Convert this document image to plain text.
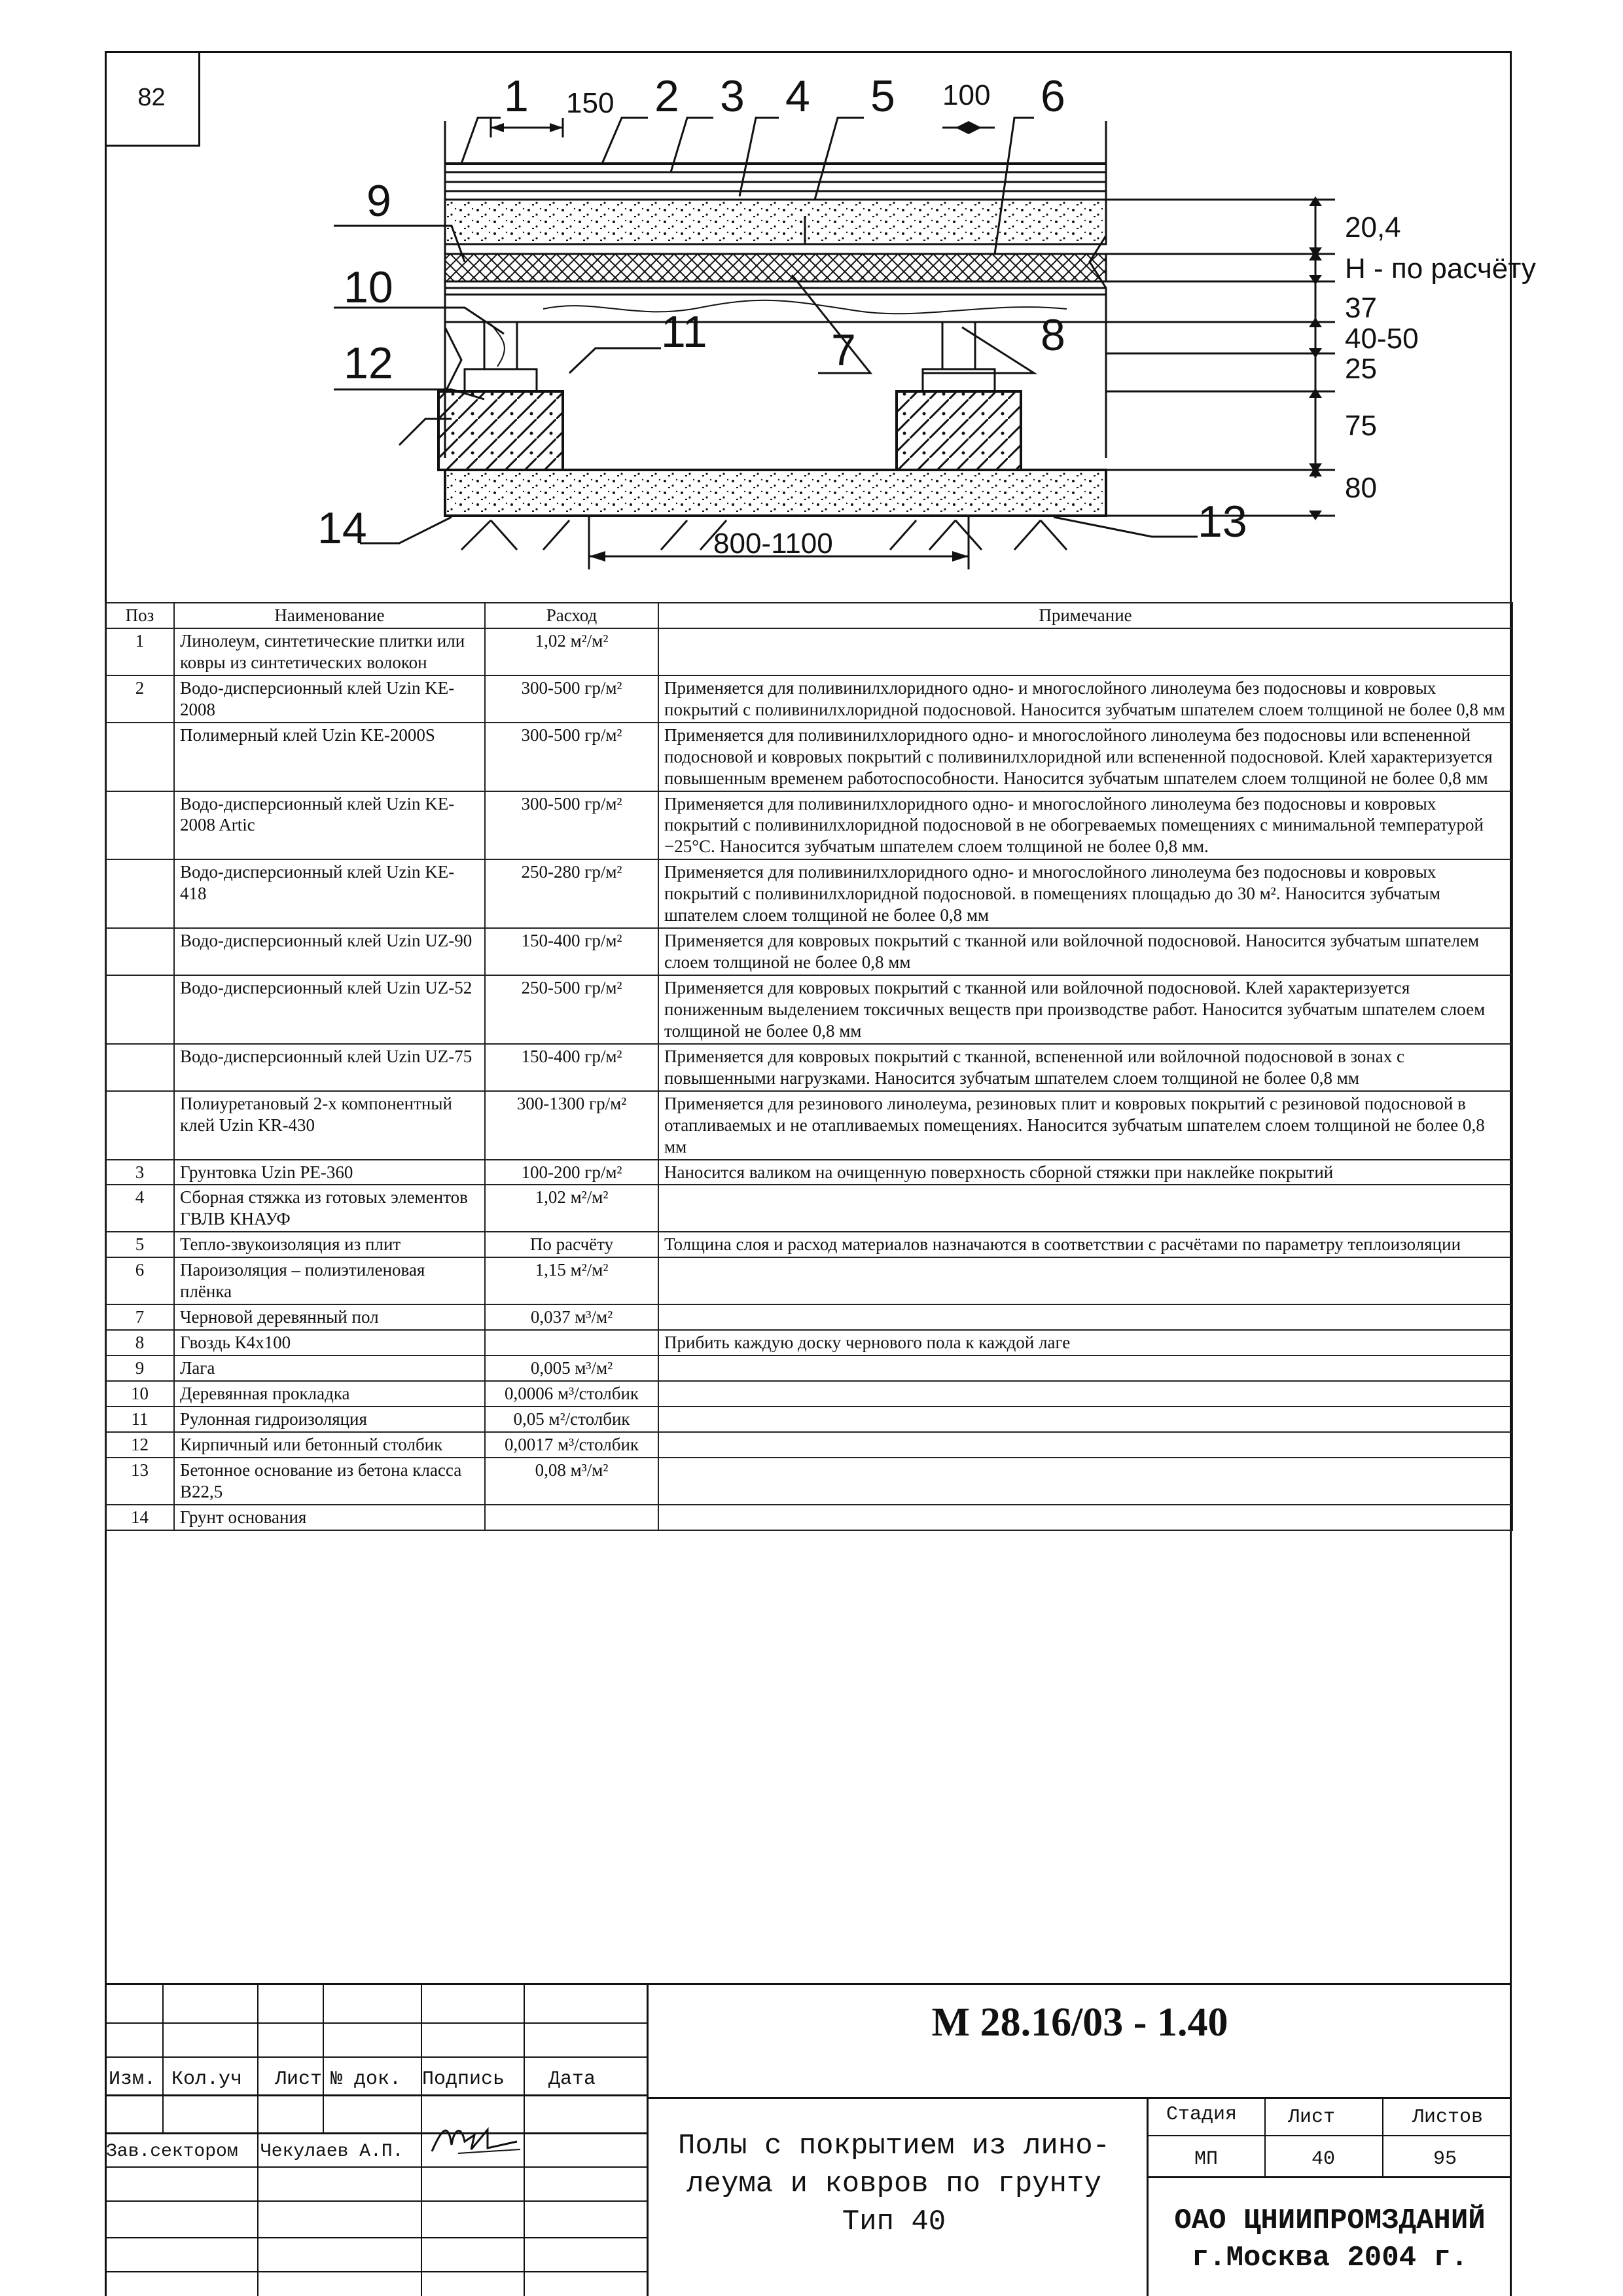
82	1	2 3 4 5	6
9
10
12
11	7	8
14	13
150	100
800-1100
20,4
Н - по расчёту
37
40-50
25
75
80
Поз	Наименование	Расход	Примечание
1	Линолеум, синтетические плитки или ковры из синтетических волокон	1,02 м²/м²	
2	Водо-дисперсионный клей Uzin KE-2008	300-500 гр/м²	Применяется для поливинилхлоридного одно- и многослойного линолеума без подосновы и ковровых покрытий с поливинилхлоридной подосновой. Наносится зубчатым шпателем слоем толщиной не более 0,8 мм
	Полимерный клей Uzin KE-2000S	300-500 гр/м²	Применяется для поливинилхлоридного одно- и многослойного линолеума без подосновы или вспененной подосновой и ковровых покрытий с поливинилхлоридной или вспененной подосновой. Клей характеризуется повышенным временем работоспособности. Наносится зубчатым шпателем слоем толщиной не более 0,8 мм
	Водо-дисперсионный клей Uzin KE-2008 Artic	300-500 гр/м²	Применяется для поливинилхлоридного одно- и многослойного линолеума без подосновы и ковровых покрытий с поливинилхлоридной подосновой в не обогреваемых помещениях с минимальной температурой −25°С. Наносится зубчатым шпателем слоем толщиной не более 0,8 мм.
	Водо-дисперсионный клей Uzin KE-418	250-280 гр/м²	Применяется для поливинилхлоридного одно- и многослойного линолеума без подосновы и ковровых покрытий с поливинилхлоридной подосновой. в помещениях площадью до 30 м². Наносится зубчатым шпателем слоем толщиной не более 0,8 мм
	Водо-дисперсионный клей Uzin UZ-90	150-400 гр/м²	Применяется для ковровых покрытий с тканной или войлочной подосновой. Наносится зубчатым шпателем слоем толщиной не более 0,8 мм
	Водо-дисперсионный клей Uzin UZ-52	250-500 гр/м²	Применяется для ковровых покрытий с тканной или войлочной подосновой. Клей характеризуется пониженным выделением токсичных веществ при производстве работ. Наносится зубчатым шпателем слоем толщиной не более 0,8 мм
	Водо-дисперсионный клей Uzin UZ-75	150-400 гр/м²	Применяется для ковровых покрытий с тканной, вспененной или войлочной подосновой в зонах с повышенными нагрузками. Наносится зубчатым шпателем слоем толщиной не более 0,8 мм
	Полиуретановый 2-х компонентный клей Uzin KR-430	300-1300 гр/м²	Применяется для резинового линолеума, резиновых плит и ковровых покрытий с резиновой подосновой в отапливаемых и не отапливаемых помещениях. Наносится зубчатым шпателем слоем толщиной не более 0,8 мм
3	Грунтовка Uzin PE-360	100-200 гр/м²	Наносится валиком на очищенную поверхность сборной стяжки при наклейке покрытий
4	Сборная стяжка из готовых элементов ГВЛВ КНАУФ	1,02 м²/м²	
5	Тепло-звукоизоляция из плит	По расчёту	Толщина слоя и расход материалов назначаются в соответствии с расчётами по параметру теплоизоляции
6	Пароизоляция – полиэтиленовая плёнка	1,15 м²/м²	
7	Черновой деревянный пол	0,037 м³/м²	
8	Гвоздь К4х100		Прибить каждую доску чернового пола к каждой лаге
9	Лага	0,005 м³/м²	
10	Деревянная прокладка	0,0006 м³/столбик	
11	Рулонная гидроизоляция	0,05 м²/столбик	
12	Кирпичный или бетонный столбик	0,0017 м³/столбик	
13	Бетонное основание из бетона класса В22,5	0,08 м³/м²	
14	Грунт основания		
М 28.16/03 - 1.40
Изм. Кол.уч Лист № док. Подпись Дата
Зав.сектором Чекулаев А.П.
Стадия	Лист	Листов
МП	40	95
Полы с покрытием из лино-
леума и ковров по грунту
Тип 40	ОАО ЦНИИПРОМЗДАНИЙ
г.Москва 2004 г.
